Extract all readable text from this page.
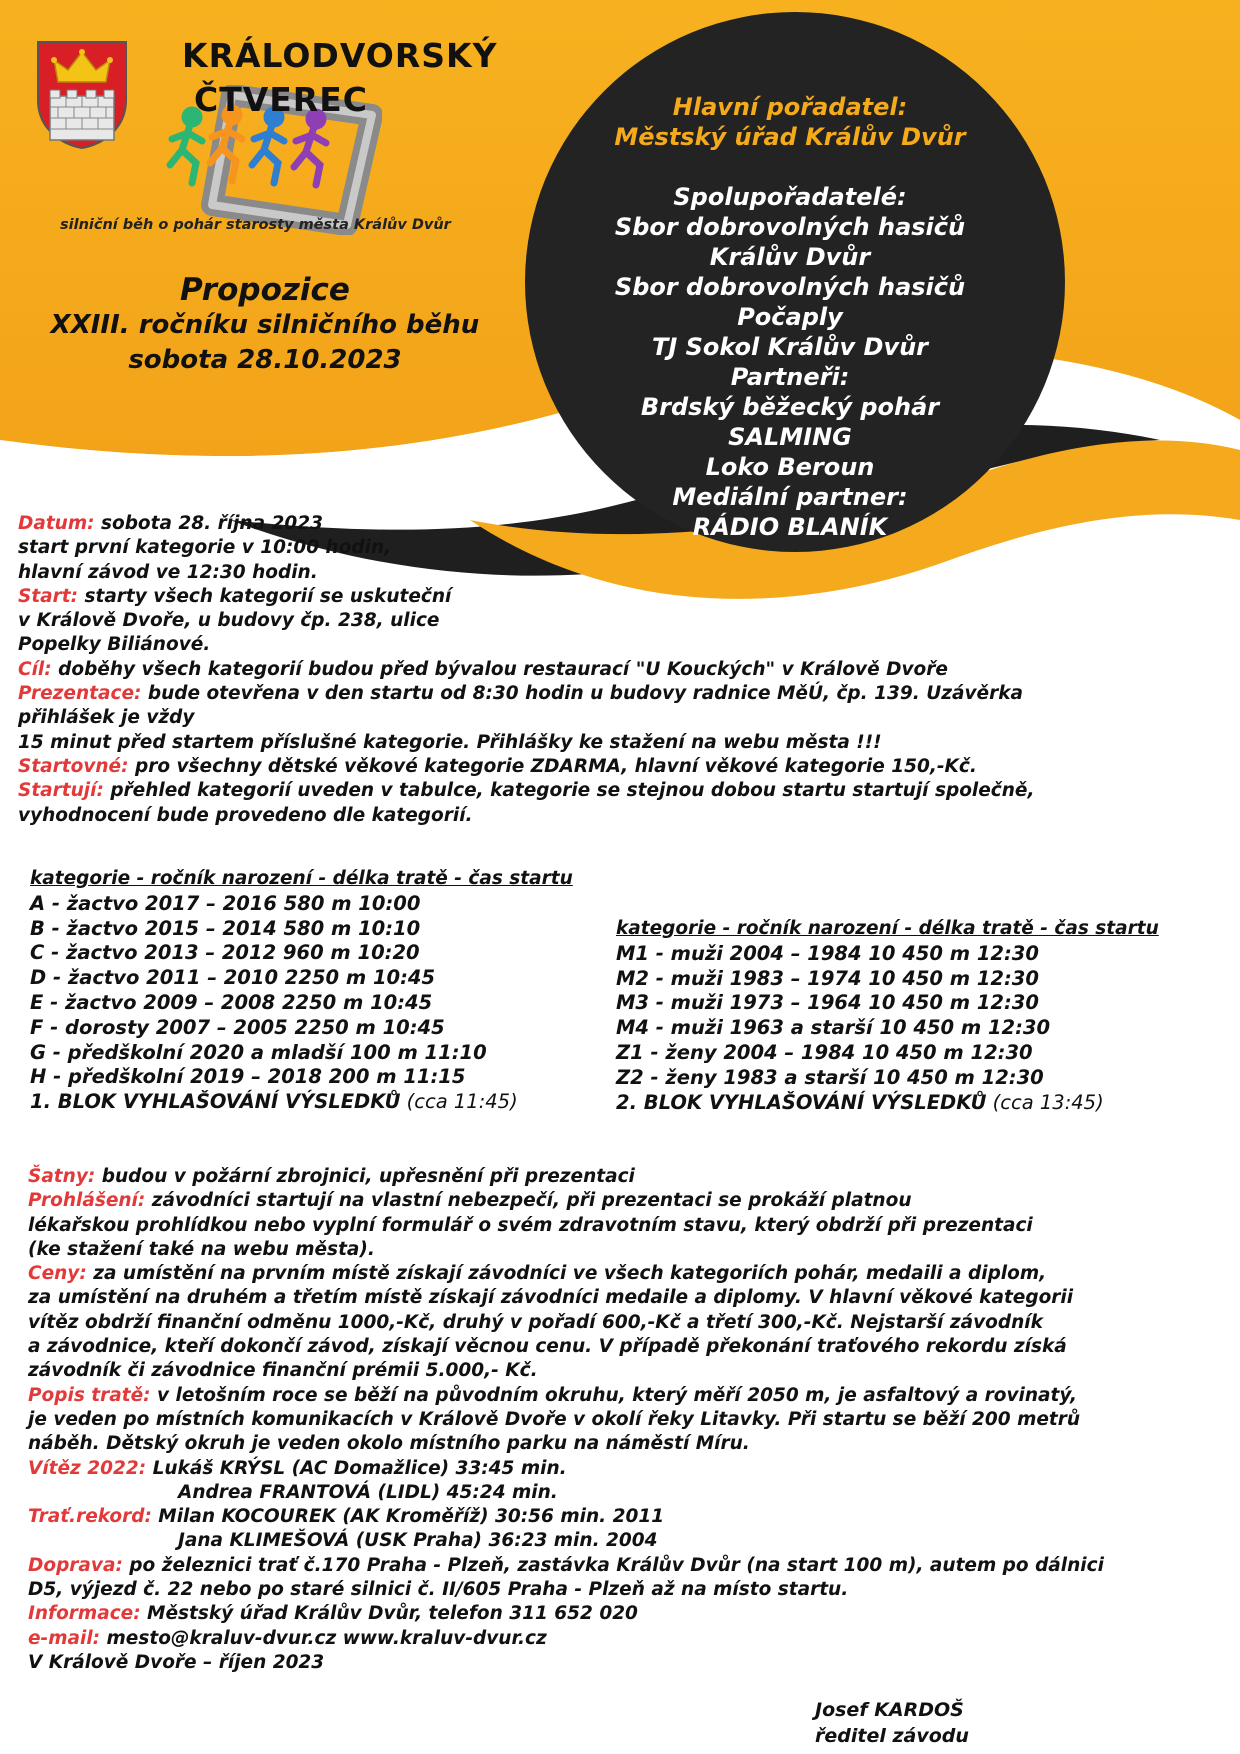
KRÁLODVORSKÝ
ČTVEREC
silniční běh o pohár starosty města Králův Dvůr
Propozice
XXIII. ročníku silničního běhu
sobota 28.10.2023
Hlavní pořadatel:
Městský úřad Králův Dvůr
Spolupořadatelé:
Sbor dobrovolných hasičů
Králův Dvůr
Sbor dobrovolných hasičů
Počaply
TJ Sokol Králův Dvůr
Partneři:
Brdský běžecký pohár
SALMING
Loko Beroun
Mediální partner:
RÁDIO BLANÍK
Datum: sobota 28. října 2023
start první kategorie v 10:00 hodin,
hlavní závod ve 12:30 hodin.
Start: starty všech kategorií se uskuteční
v Králově Dvoře, u budovy čp. 238, ulice
Popelky Biliánové.
Cíl: doběhy všech kategorií budou před bývalou restaurací "U Kouckých" v Králově Dvoře
Prezentace: bude otevřena v den startu od 8:30 hodin u budovy radnice MěÚ, čp. 139. Uzávěrka
přihlášek je vždy
15 minut před startem příslušné kategorie. Přihlášky ke stažení na webu města !!!
Startovné: pro všechny dětské věkové kategorie ZDARMA, hlavní věkové kategorie 150,-Kč.
Startují: přehled kategorií uveden v tabulce, kategorie se stejnou dobou startu startují společně,
vyhodnocení bude provedeno dle kategorií.
kategorie - ročník narození - délka tratě - čas startu
A - žactvo 2017 – 2016 580 m 10:00
B - žactvo 2015 – 2014 580 m 10:10
C - žactvo 2013 – 2012 960 m 10:20
D - žactvo 2011 – 2010 2250 m 10:45
E - žactvo 2009 – 2008 2250 m 10:45
F - dorosty 2007 – 2005 2250 m 10:45
G - předškolní 2020 a mladší 100 m 11:10
H - předškolní 2019 – 2018 200 m 11:15
1. BLOK VYHLAŠOVÁNÍ VÝSLEDKŮ (cca 11:45)
kategorie - ročník narození - délka tratě - čas startu
M1 - muži 2004 – 1984 10 450 m 12:30
M2 - muži 1983 – 1974 10 450 m 12:30
M3 - muži 1973 – 1964 10 450 m 12:30
M4 - muži 1963 a starší 10 450 m 12:30
Z1 - ženy 2004 – 1984 10 450 m 12:30
Z2 - ženy 1983 a starší 10 450 m 12:30
2. BLOK VYHLAŠOVÁNÍ VÝSLEDKŮ (cca 13:45)
Šatny: budou v požární zbrojnici, upřesnění při prezentaci
Prohlášení: závodníci startují na vlastní nebezpečí, při prezentaci se prokáží platnou
lékařskou prohlídkou nebo vyplní formulář o svém zdravotním stavu, který obdrží při prezentaci
(ke stažení také na webu města).
Ceny: za umístění na prvním místě získají závodníci ve všech kategoriích pohár, medaili a diplom,
za umístění na druhém a třetím místě získají závodníci medaile a diplomy. V hlavní věkové kategorii
vítěz obdrží finanční odměnu 1000,-Kč, druhý v pořadí 600,-Kč a třetí 300,-Kč. Nejstarší závodník
a závodnice, kteří dokončí závod, získají věcnou cenu. V případě překonání traťového rekordu získá
závodník či závodnice finanční prémii 5.000,- Kč.
Popis tratě: v letošním roce se běží na původním okruhu, který měří 2050 m, je asfaltový a rovinatý,
je veden po místních komunikacích v Králově Dvoře v okolí řeky Litavky. Při startu se běží 200 metrů
náběh. Dětský okruh je veden okolo místního parku na náměstí Míru.
Vítěz 2022: Lukáš KRÝSL (AC Domažlice) 33:45 min.
Andrea FRANTOVÁ (LIDL) 45:24 min.
Trať.rekord: Milan KOCOUREK (AK Kroměříž) 30:56 min. 2011
Jana KLIMEŠOVÁ (USK Praha) 36:23 min. 2004
Doprava: po železnici trať č.170 Praha - Plzeň, zastávka Králův Dvůr (na start 100 m), autem po dálnici
D5, výjezd č. 22 nebo po staré silnici č. II/605 Praha - Plzeň až na místo startu.
Informace: Městský úřad Králův Dvůr, telefon 311 652 020
e-mail: mesto@kraluv-dvur.cz www.kraluv-dvur.cz
V Králově Dvoře – říjen 2023
Josef KARDOŠ
ředitel závodu
